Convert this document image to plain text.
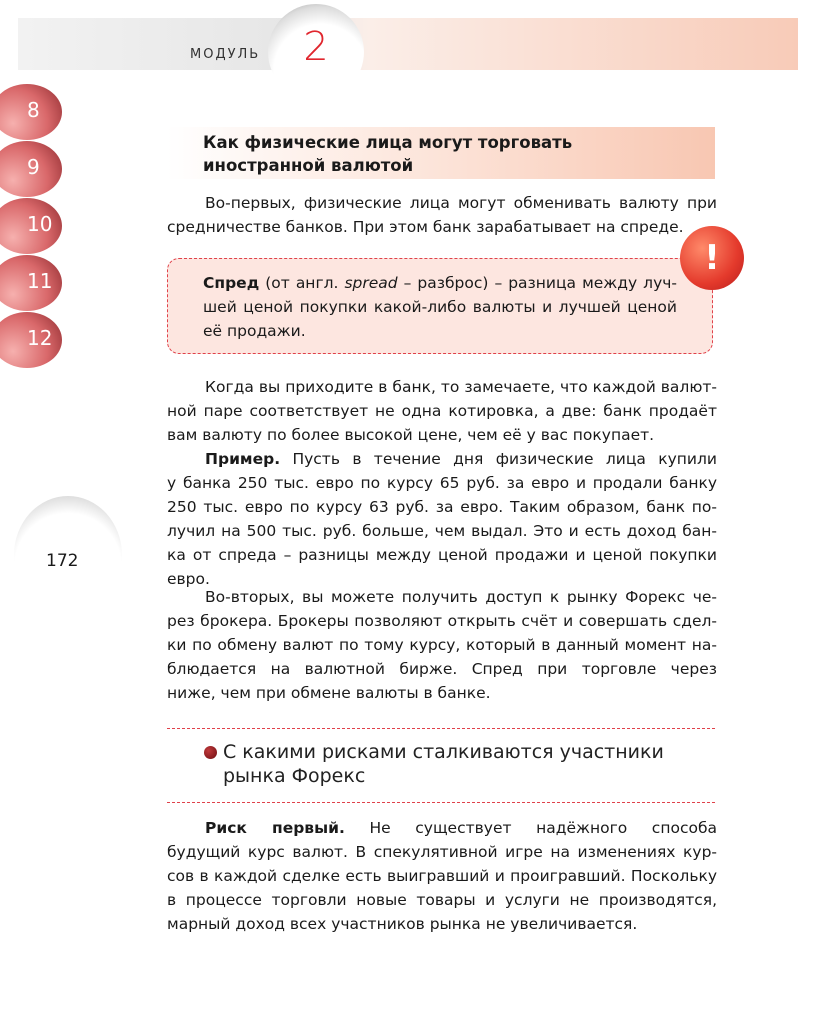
МОДУЛЬ	2
8
9
10
11
12
172
Как физические лица могут торговать
иностранной валютой
!
Во-первых, физические лица могут обменивать валюту при
средничестве банков. При этом банк зарабатывает на спреде.
Спред (от англ. spread – разброс) – разница между луч-
шей ценой покупки какой-либо валюты и лучшей ценой
её продажи.
Когда вы приходите в банк, то замечаете, что каждой валют-
ной паре соответствует не одна котировка, а две: банк продаёт
вам валюту по более высокой цене, чем её у вас покупает.
Пример. Пусть в течение дня физические лица купили
у банка 250 тыс. евро по курсу 65 руб. за евро и продали банку
250 тыс. евро по курсу 63 руб. за евро. Таким образом, банк по-
лучил на 500 тыс. руб. больше, чем выдал. Это и есть доход бан-
ка от спреда – разницы между ценой продажи и ценой покупки
евро.
Во-вторых, вы можете получить доступ к рынку Форекс че-
рез брокера. Брокеры позволяют открыть счёт и совершать сдел-
ки по обмену валют по тому курсу, который в данный момент на-
блюдается на валютной бирже. Спред при торговле через
ниже, чем при обмене валюты в банке.
С какими рисками сталкиваются участники
рынка Форекс
Риск первый. Не существует надёжного способа
будущий курс валют. В спекулятивной игре на изменениях кур-
сов в каждой сделке есть выигравший и проигравший. Поскольку
в процессе торговли новые товары и услуги не производятся,
марный доход всех участников рынка не увеличивается.
